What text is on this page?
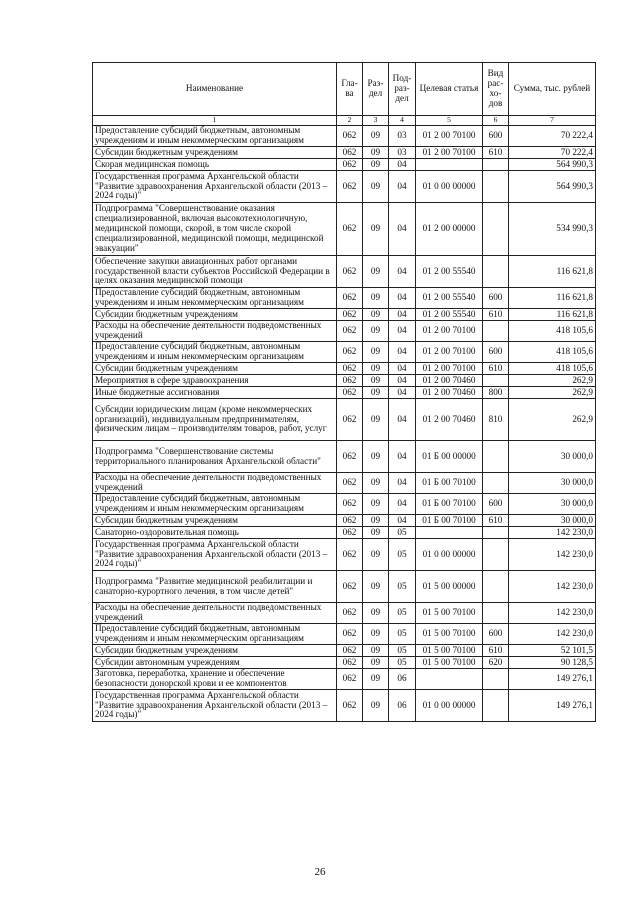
Наименование	Гла-ва	Раз-дел	Под-раз-дел	Целевая статья	Вид рас-хо-дов	Сумма, тыс. рублей
1	2	3	4	5	6	7
Предоставление субсидий бюджетным, автономным учреждениям и иным некоммерческим организациям	062	09	03	01 2 00 70100	600	70 222,4
Субсидии бюджетным учреждениям	062	09	03	01 2 00 70100	610	70 222,4
Скорая медицинская помощь	062	09	04			564 990,3
Государственная программа Архангельской области "Развитие здравоохранения Архангельской области (2013 – 2024 годы)"	062	09	04	01 0 00 00000		564 990,3
Подпрограмма "Совершенствование оказания специализированной, включая высокотехнологичную, медицинской помощи, скорой, в том числе скорой специализированной, медицинской помощи, медицинской эвакуации"	062	09	04	01 2 00 00000		534 990,3
Обеспечение закупки авиационных работ органами государственной власти субъектов Российской Федерации в целях оказания медицинской помощи	062	09	04	01 2 00 55540		116 621,8
Предоставление субсидий бюджетным, автономным учреждениям и иным некоммерческим организациям	062	09	04	01 2 00 55540	600	116 621,8
Субсидии бюджетным учреждениям	062	09	04	01 2 00 55540	610	116 621,8
Расходы на обеспечение деятельности подведомственных учреждений	062	09	04	01 2 00 70100		418 105,6
Предоставление субсидий бюджетным, автономным учреждениям и иным некоммерческим организациям	062	09	04	01 2 00 70100	600	418 105,6
Субсидии бюджетным учреждениям	062	09	04	01 2 00 70100	610	418 105,6
Мероприятия в сфере здравоохранения	062	09	04	01 2 00 70460		262,9
Иные бюджетные ассигнования	062	09	04	01 2 00 70460	800	262,9
Субсидии юридическим лицам (кроме некоммерческих организаций), индивидуальным предпринимателям, физическим лицам – производителям товаров, работ, услуг	062	09	04	01 2 00 70460	810	262,9
Подпрограмма "Совершенствование системы территориального планирования Архангельской области"	062	09	04	01 Б 00 00000		30 000,0
Расходы на обеспечение деятельности подведомственных учреждений	062	09	04	01 Б 00 70100		30 000,0
Предоставление субсидий бюджетным, автономным учреждениям и иным некоммерческим организациям	062	09	04	01 Б 00 70100	600	30 000,0
Субсидии бюджетным учреждениям	062	09	04	01 Б 00 70100	610	30 000,0
Санаторно-оздоровительная помощь	062	09	05			142 230,0
Государственная программа Архангельской области "Развитие здравоохранения Архангельской области (2013 – 2024 годы)"	062	09	05	01 0 00 00000		142 230,0
Подпрограмма "Развитие медицинской реабилитации и санаторно-курортного лечения, в том числе детей"	062	09	05	01 5 00 00000		142 230,0
Расходы на обеспечение деятельности подведомственных учреждений	062	09	05	01 5 00 70100		142 230,0
Предоставление субсидий бюджетным, автономным учреждениям и иным некоммерческим организациям	062	09	05	01 5 00 70100	600	142 230,0
Субсидии бюджетным учреждениям	062	09	05	01 5 00 70100	610	52 101,5
Субсидии автономным учреждениям	062	09	05	01 5 00 70100	620	90 128,5
Заготовка, переработка, хранение и обеспечение безопасности донорской крови и ее компонентов	062	09	06			149 276,1
Государственная программа Архангельской области "Развитие здравоохранения Архангельской области (2013 – 2024 годы)"	062	09	06	01 0 00 00000		149 276,1
26
